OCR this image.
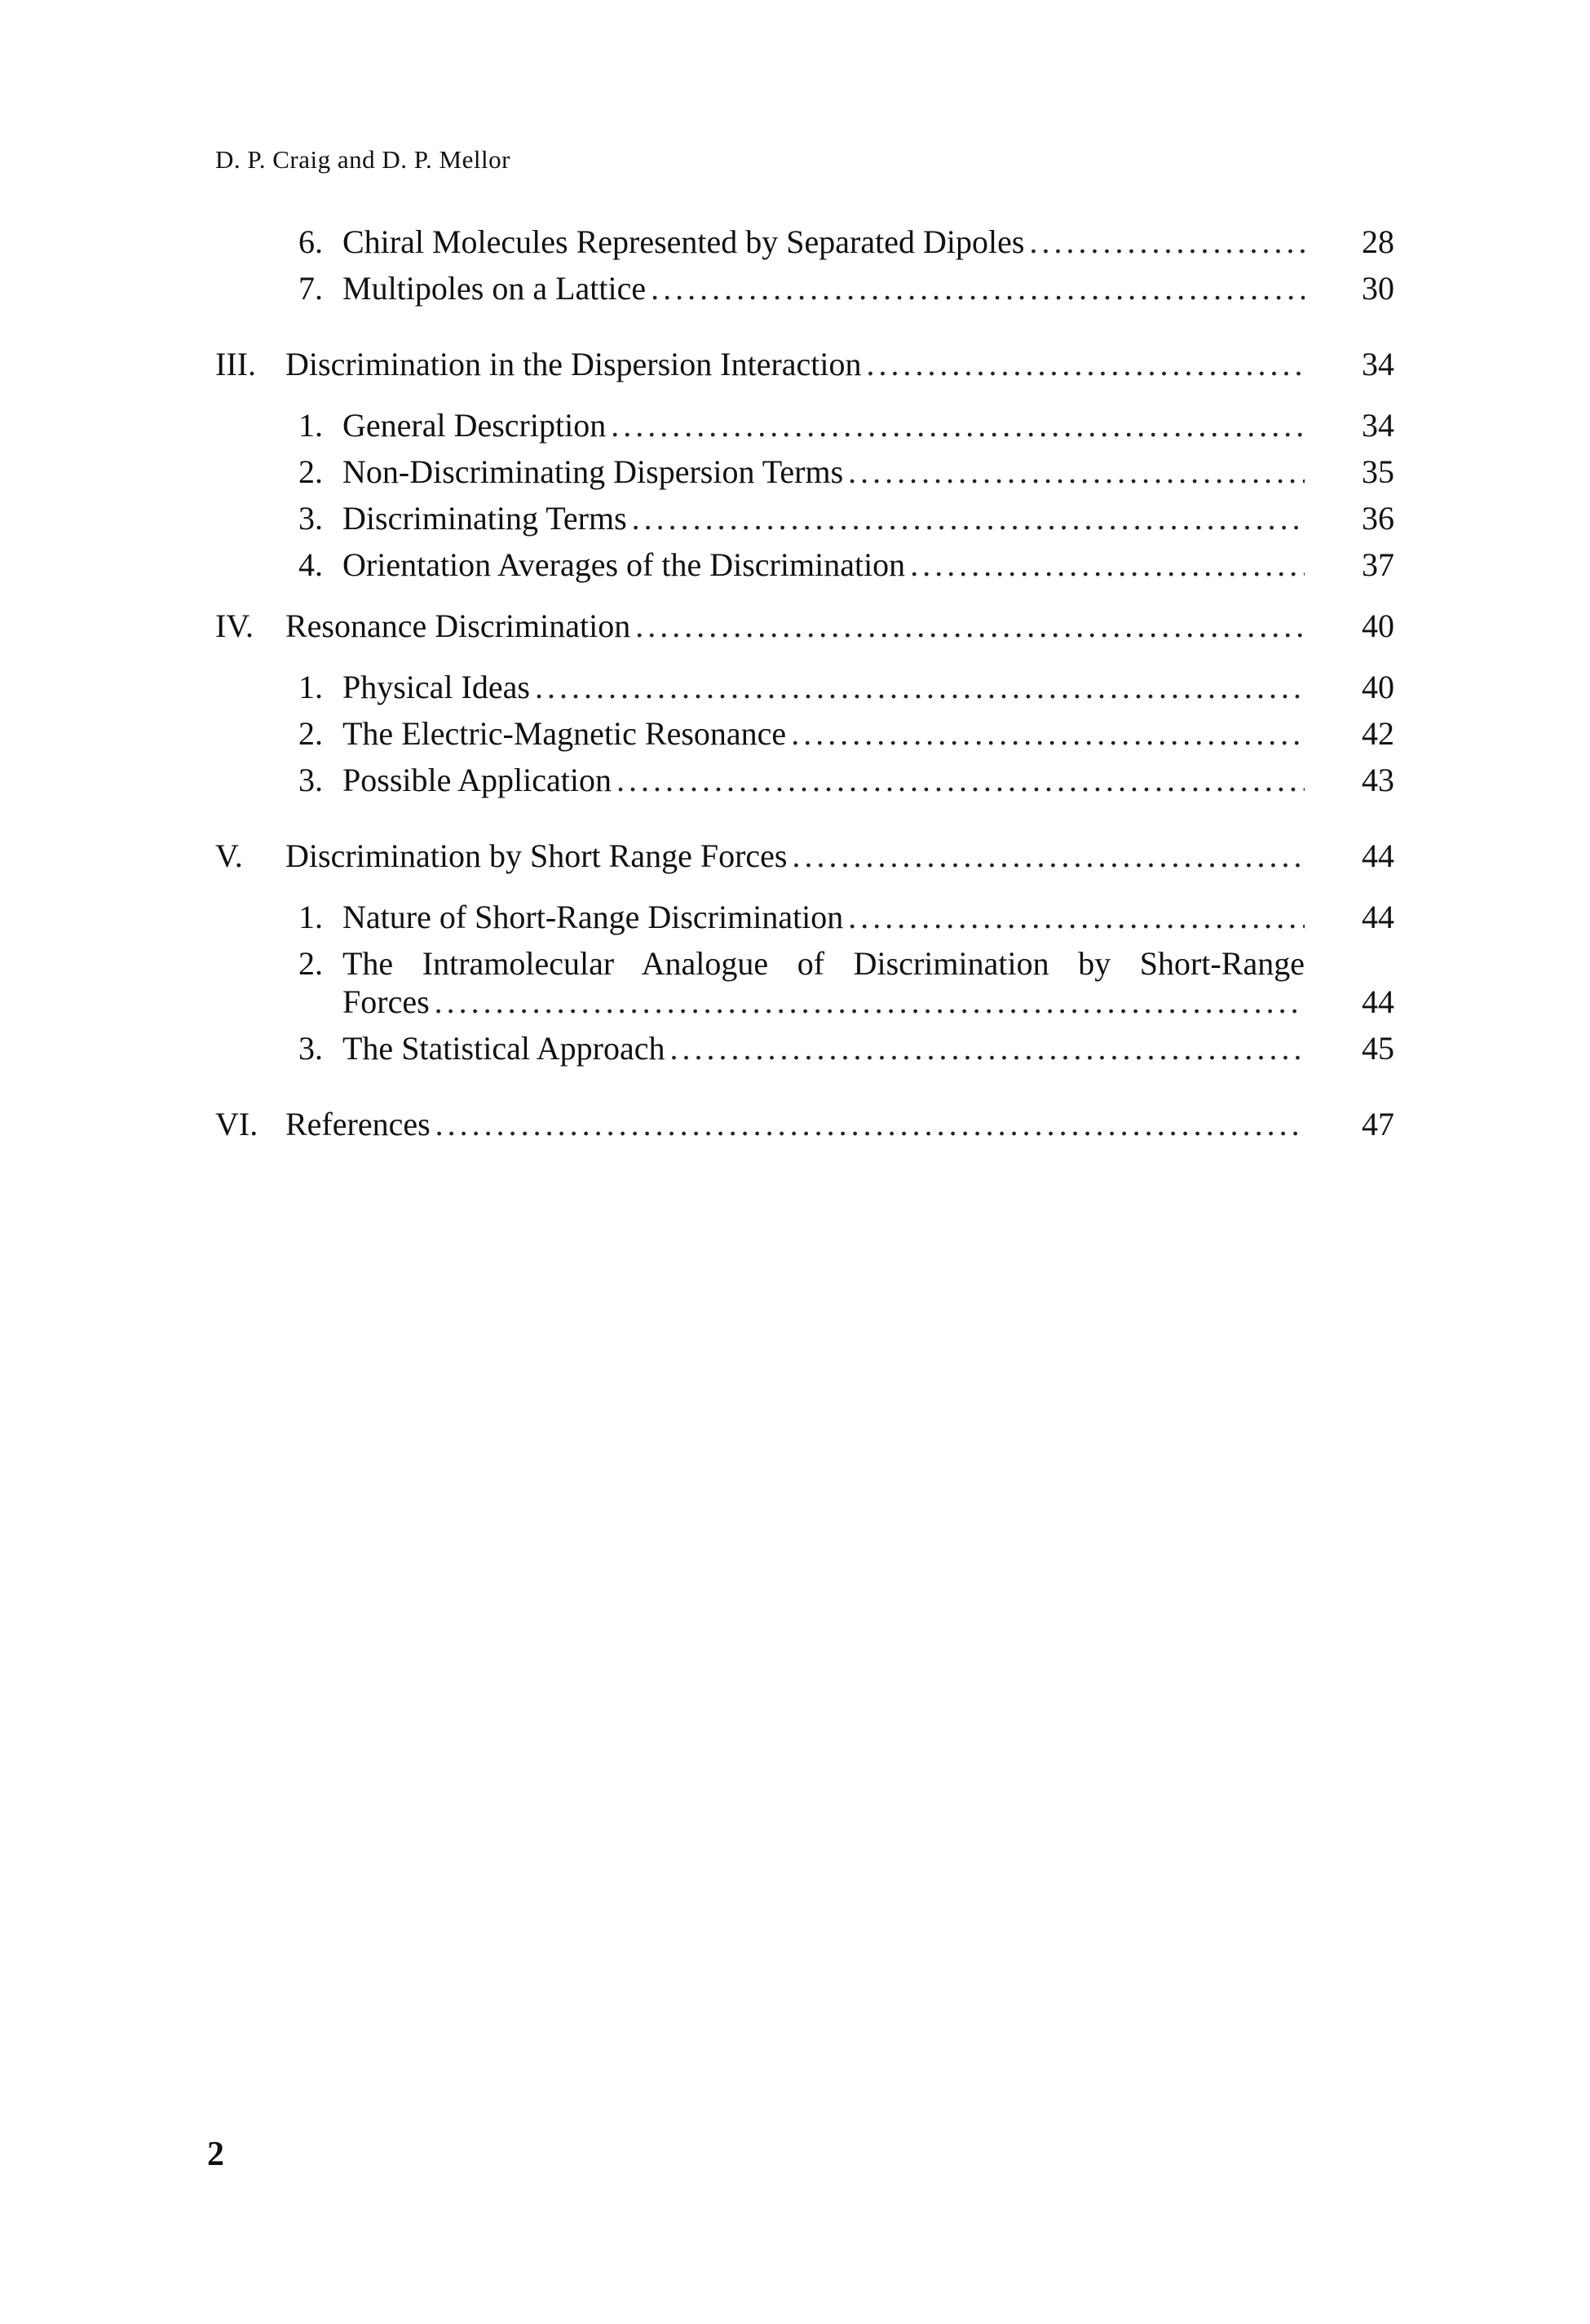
D. P. Craig and D. P. Mellor
6. Chiral Molecules Represented by Separated Dipoles .....	28
7. Multipoles on a Lattice .....	30
III. Discrimination in the Dispersion Interaction .....	34
1. General Description .....	34
2. Non-Discriminating Dispersion Terms .....	35
3. Discriminating Terms .....	36
4. Orientation Averages of the Discrimination .....	37
IV. Resonance Discrimination .....	40
1. Physical Ideas .....	40
2. The Electric-Magnetic Resonance .....	42
3. Possible Application .....	43
V. Discrimination by Short Range Forces .....	44
1. Nature of Short-Range Discrimination .....	44
2. The Intramolecular Analogue of Discrimination by Short-Range
Forces .....	44
3. The Statistical Approach .....	45
VI. References .....	47
2
